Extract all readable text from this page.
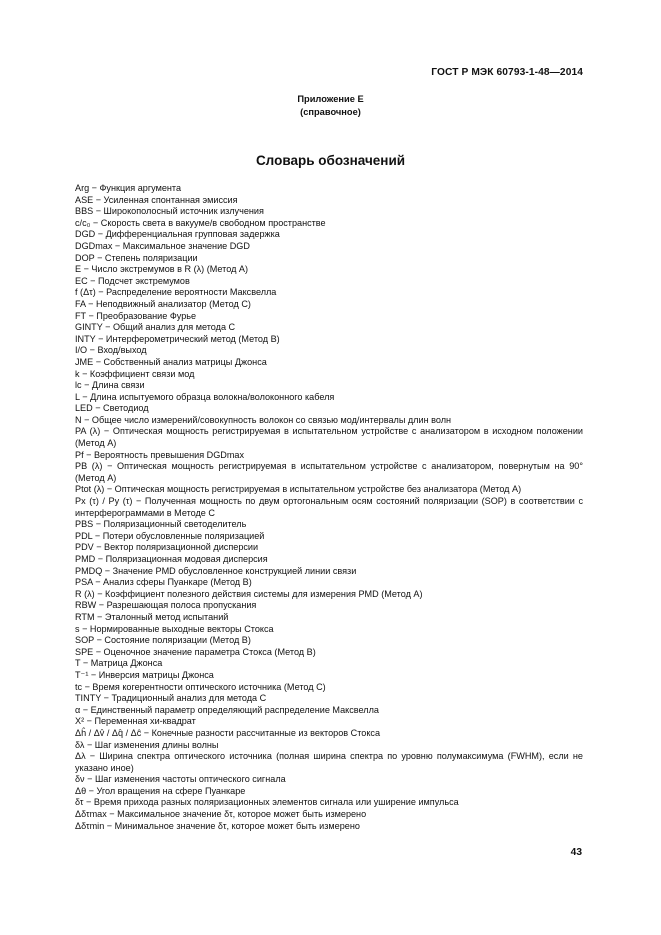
ГОСТ Р МЭК 60793-1-48—2014
Приложение Е
(справочное)
Словарь обозначений
Arg − Функция аргумента
ASE − Усиленная спонтанная эмиссия
BBS − Широкополосный источник излучения
c/c₀ − Скорость света в вакууме/в свободном пространстве
DGD − Дифференциальная групповая задержка
DGDmax − Максимальное значение DGD
DOP − Степень поляризации
E − Число экстремумов в R (λ) (Метод А)
EC − Подсчет экстремумов
f (Δτ) − Распределение вероятности Максвелла
FA − Неподвижный анализатор (Метод С)
FT − Преобразование Фурье
GINTY − Общий анализ для метода С
INTY − Интерферометрический метод (Метод В)
I/O − Вход/выход
JME − Собственный анализ матрицы Джонса
k − Коэффициент связи мод
lc − Длина связи
L − Длина испытуемого образца волокна/волоконного кабеля
LED − Светодиод
N − Общее число измерений/совокупность волокон со связью мод/интервалы длин волн
PA (λ) − Оптическая мощность регистрируемая в испытательном устройстве с анализатором в исходном положении (Метод А)
Pf − Вероятность превышения DGDmax
PB (λ) − Оптическая мощность регистрируемая в испытательном устройстве с анализатором, повернутым на 90° (Метод А)
Ptot (λ) − Оптическая мощность регистрируемая в испытательном устройстве без анализатора (Метод А)
Px (τ) / Py (τ) − Полученная мощность по двум ортогональным осям состояний поляризации (SOP) в соответствии с интерферограммами в Методе С
PBS − Поляризационный светоделитель
PDL − Потери обусловленные поляризацией
PDV − Вектор поляризационной дисперсии
PMD − Поляризационная модовая дисперсия
PMDQ − Значение PMD обусловленное конструкцией линии связи
PSA − Анализ сферы Пуанкаре (Метод В)
R (λ) − Коэффициент полезного действия системы для измерения PMD (Метод А)
RBW − Разрешающая полоса пропускания
RTM − Эталонный метод испытаний
s − Нормированные выходные векторы Стокса
SOP − Состояние поляризации (Метод В)
SPE − Оценочное значение параметра Стокса (Метод В)
T − Матрица Джонса
T⁻¹ − Инверсия матрицы Джонса
tc − Время когерентности оптического источника (Метод С)
TINTY − Традиционный анализ для метода С
α − Единственный параметр определяющий распределение Максвелла
X² − Переменная хи-квадрат
Δĥ / Δv̂ / Δq̂ / Δĉ − Конечные разности рассчитанные из векторов Стокса
δλ − Шаг изменения длины волны
Δλ − Ширина спектра оптического источника (полная ширина спектра по уровню полумаксимума (FWHM), если не указано иное)
δν − Шаг изменения частоты оптического сигнала
Δθ − Угол вращения на сфере Пуанкаре
δτ − Время прихода разных поляризационных элементов сигнала или уширение импульса
Δδτmax − Максимальное значение δτ, которое может быть измерено
Δδτmin − Минимальное значение δτ, которое может быть измерено
43
